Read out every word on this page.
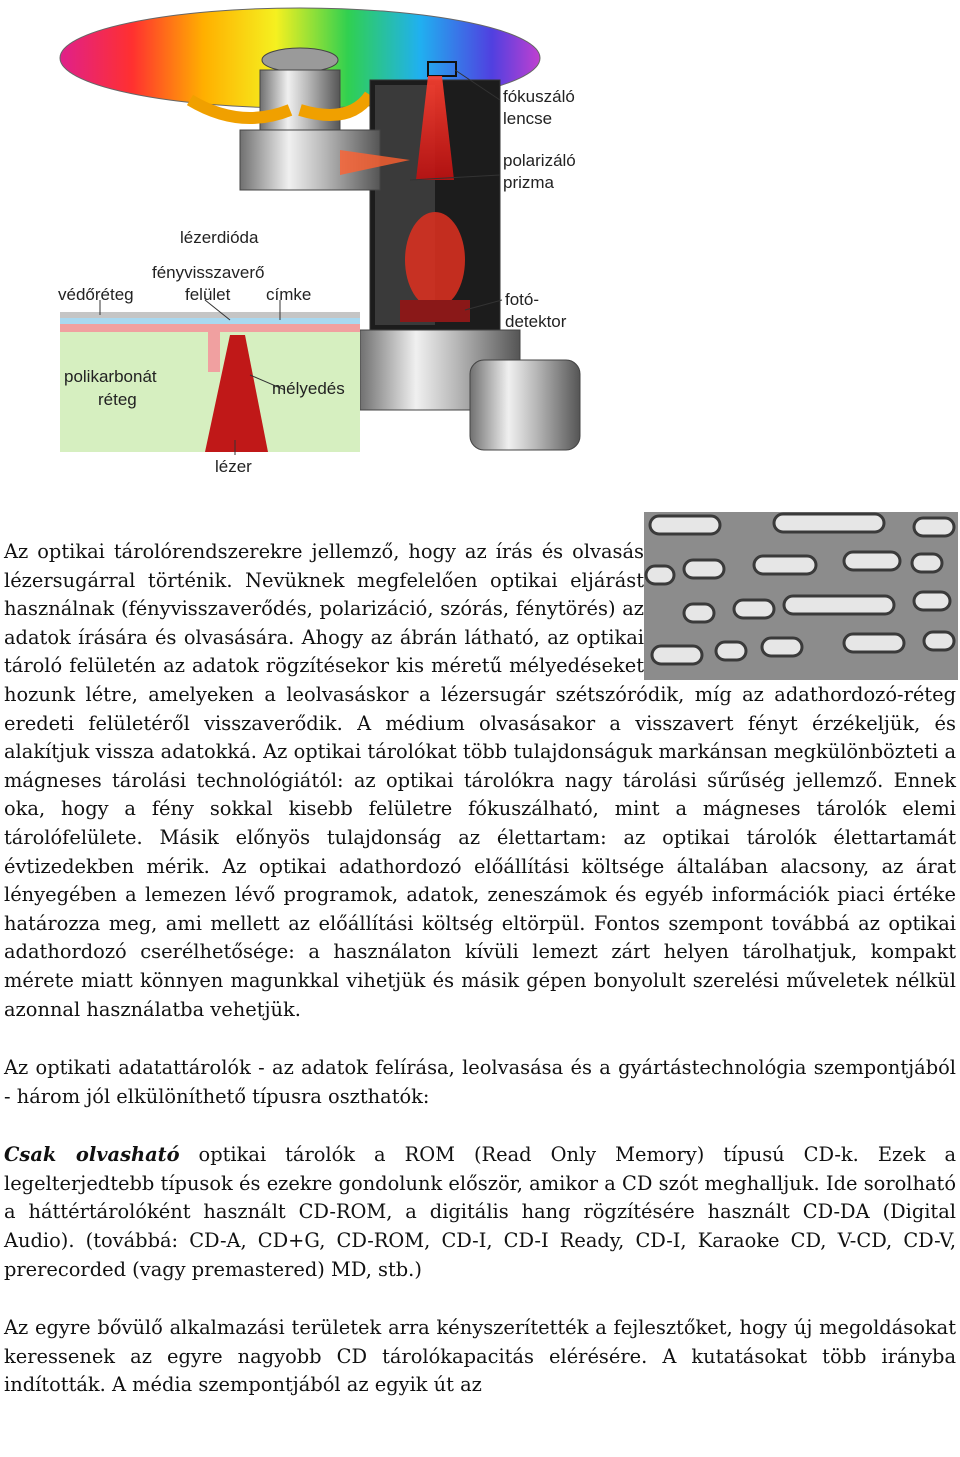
fókuszáló
lencse
polarizáló
prizma
lézerdióda
fényvisszaverő
felület
védőréteg	címke	fotó-
detektor
polikarbonát
réteg
mélyedés
lézer

Az optikai tárolórendszerekre jellemző, hogy az írás és olvasás lézersugárral történik. Nevüknek megfelelően optikai eljárást használnak (fényvisszaverődés, polarizáció, szórás, fénytörés) az adatok írására és olvasására. Ahogy az ábrán látható, az optikai tároló felületén az adatok rögzítésekor kis méretű mélyedéseket hozunk létre, amelyeken a leolvasáskor a lézersugár szétszóródik, míg az adathordozó-réteg eredeti felületéről visszaverődik. A médium olvasásakor a visszavert fényt érzékeljük, és alakítjuk vissza adatokká. Az optikai tárolókat több tulajdonságuk markánsan megkülönbözteti a mágneses tárolási technológiától: az optikai tárolókra nagy tárolási sűrűség jellemző. Ennek oka, hogy a fény sokkal kisebb felületre fókuszálható, mint a mágneses tárolók elemi tárolófelülete. Másik előnyös tulajdonság az élettartam: az optikai tárolók élettartamát évtizedekben mérik. Az optikai adathordozó előállítási költsége általában alacsony, az árat lényegében a lemezen lévő programok, adatok, zeneszámok és egyéb információk piaci értéke határozza meg, ami mellett az előállítási költség eltörpül. Fontos szempont továbbá az optikai adathordozó cserélhetősége: a használaton kívüli lemezt zárt helyen tárolhatjuk, kompakt mérete miatt könnyen magunkkal vihetjük és másik gépen bonyolult szerelési műveletek nélkül azonnal használatba vehetjük.

Az optikati adatattárolók - az adatok felírása, leolvasása és a gyártástechnológia szempontjából - három jól elkülöníthető típusra oszthatók:

Csak olvasható optikai tárolók a ROM (Read Only Memory) típusú CD-k. Ezek a legelterjedtebb típusok és ezekre gondolunk először, amikor a CD szót meghalljuk. Ide sorolható a háttértárolóként használt CD-ROM, a digitális hang rögzítésére használt CD-DA (Digital Audio). (továbbá: CD-A, CD+G, CD-ROM, CD-I, CD-I Ready, CD-I, Karaoke CD, V-CD, CD-V, prerecorded (vagy premastered) MD, stb.)

Az egyre bővülő alkalmazási területek arra kényszerítették a fejlesztőket, hogy új megoldásokat keressenek az egyre nagyobb CD tárolókapacitás elérésére. A kutatásokat több irányba indították. A média szempontjából az egyik út az
